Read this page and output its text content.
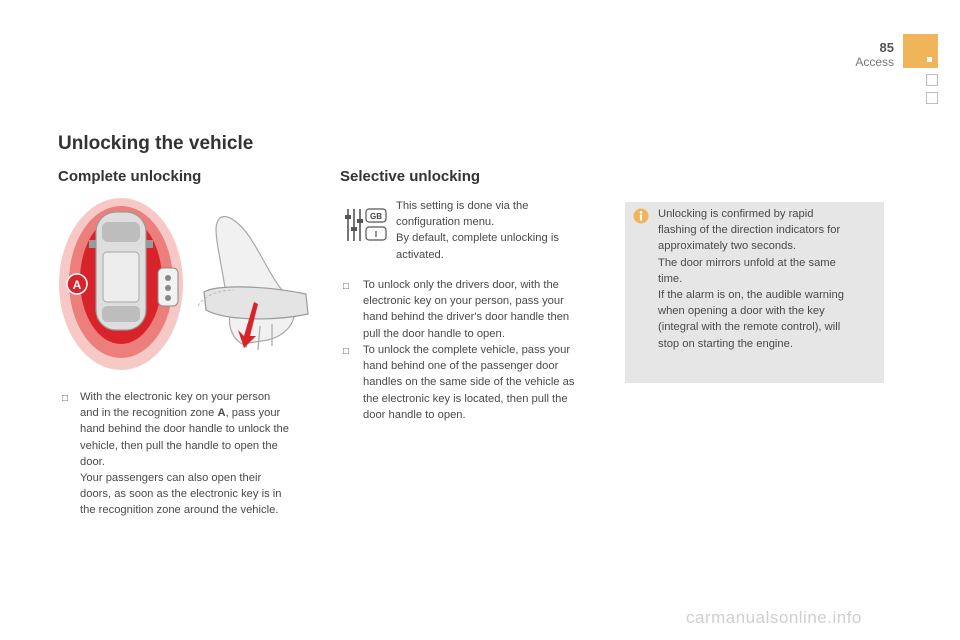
85
Access
Unlocking the vehicle
Complete unlocking
A
□ With the electronic key on your person
and in the recognition zone A, pass your
hand behind the door handle to unlock the
vehicle, then pull the handle to open the
door.
Your passengers can also open their
doors, as soon as the electronic key is in
the recognition zone around the vehicle.

Selective unlocking
GB
I

This setting is done via the
configuration menu.
By default, complete unlocking is
activated.

□ To unlock only the drivers door, with the
electronic key on your person, pass your
hand behind the driver's door handle then
pull the door handle to open.

□ To unlock the complete vehicle, pass your
hand behind one of the passenger door
handles on the same side of the vehicle as
the electronic key is located, then pull the
door handle to open.

Unlocking is confirmed by rapid
flashing of the direction indicators for
approximately two seconds.
The door mirrors unfold at the same
time.
If the alarm is on, the audible warning
when opening a door with the key
(integral with the remote control), will
stop on starting the engine.

carmanualsonline.info
